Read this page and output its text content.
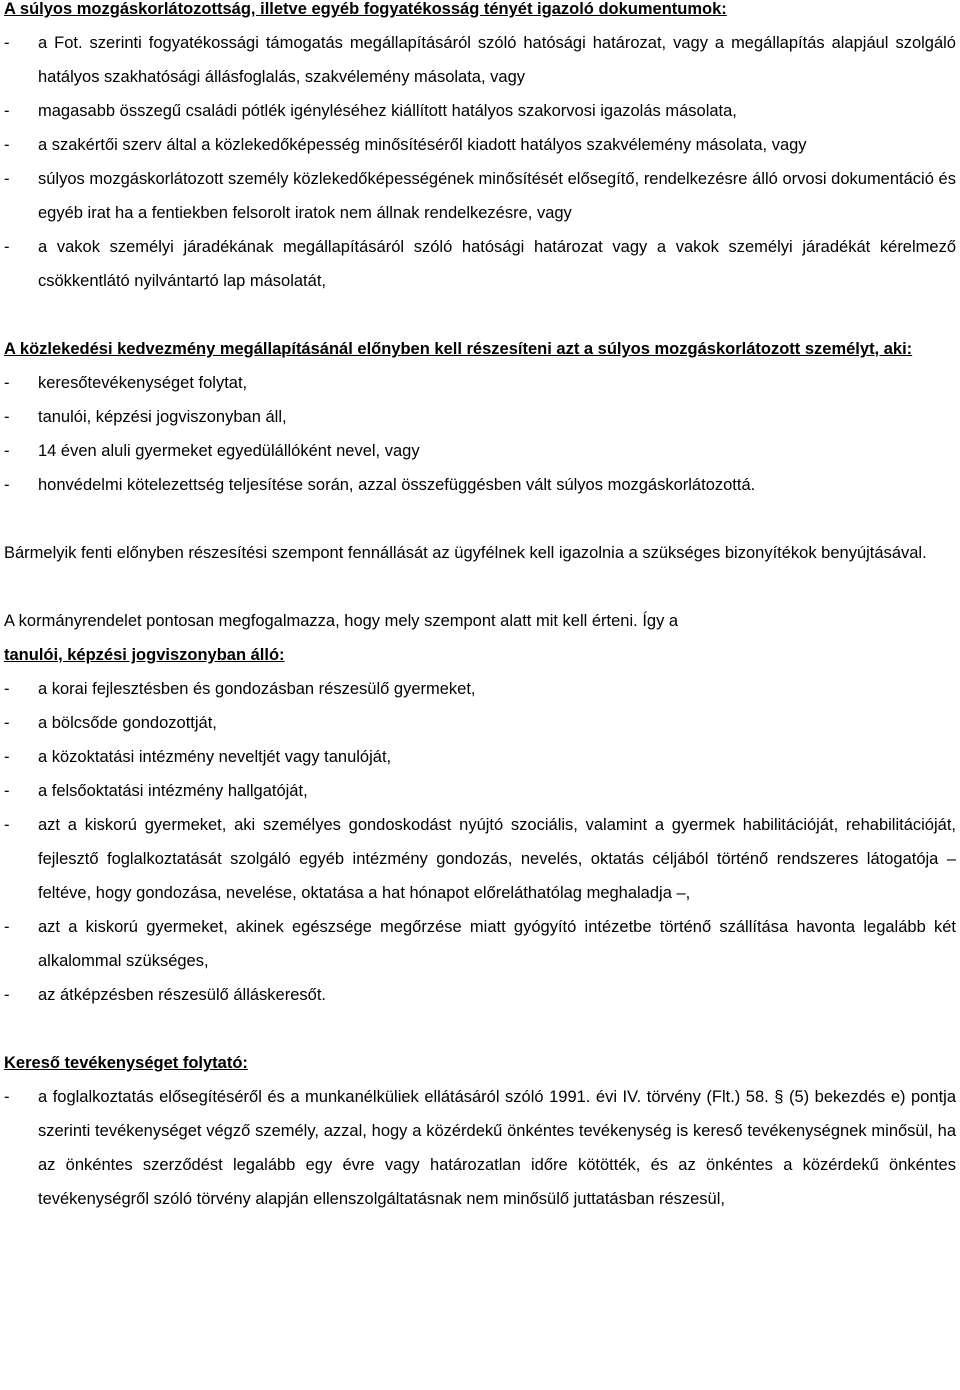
A súlyos mozgáskorlátozottság, illetve egyéb fogyatékosság tényét igazoló dokumentumok:

- a Fot. szerinti fogyatékossági támogatás megállapításáról szóló hatósági határozat, vagy a megállapítás alapjául szolgáló hatályos szakhatósági állásfoglalás, szakvélemény másolata, vagy
- magasabb összegű családi pótlék igényléséhez kiállított hatályos szakorvosi igazolás másolata,
- a szakértői szerv által a közlekedőképesség minősítéséről kiadott hatályos szakvélemény másolata, vagy
- súlyos mozgáskorlátozott személy közlekedőképességének minősítését elősegítő, rendelkezésre álló orvosi dokumentáció és egyéb irat ha a fentiekben felsorolt iratok nem állnak rendelkezésre, vagy
- a vakok személyi járadékának megállapításáról szóló hatósági határozat vagy a vakok személyi járadékát kérelmező csökkentlátó nyilvántartó lap másolatát,

A közlekedési kedvezmény megállapításánál előnyben kell részesíteni azt a súlyos mozgáskorlátozott személyt, aki:

- keresőtevékenységet folytat,
- tanulói, képzési jogviszonyban áll,
- 14 éven aluli gyermeket egyedülállóként nevel, vagy
- honvédelmi kötelezettség teljesítése során, azzal összefüggésben vált súlyos mozgáskorlátozottá.

Bármelyik fenti előnyben részesítési szempont fennállását az ügyfélnek kell igazolnia a szükséges bizonyítékok benyújtásával.

A kormányrendelet pontosan megfogalmazza, hogy mely szempont alatt mit kell érteni. Így a

tanulói, képzési jogviszonyban álló:

- a korai fejlesztésben és gondozásban részesülő gyermeket,
- a bölcsőde gondozottját,
- a közoktatási intézmény neveltjét vagy tanulóját,
- a felsőoktatási intézmény hallgatóját,
- azt a kiskorú gyermeket, aki személyes gondoskodást nyújtó szociális, valamint a gyermek habilitációját, rehabilitációját, fejlesztő foglalkoztatását szolgáló egyéb intézmény gondozás, nevelés, oktatás céljából történő rendszeres látogatója – feltéve, hogy gondozása, nevelése, oktatása a hat hónapot előreláthatólag meghaladja –,
- azt a kiskorú gyermeket, akinek egészsége megőrzése miatt gyógyító intézetbe történő szállítása havonta legalább két alkalommal szükséges,
- az átképzésben részesülő álláskeresőt.

Kereső tevékenységet folytató:

- a foglalkoztatás elősegítéséről és a munkanélküliek ellátásáról szóló 1991. évi IV. törvény (Flt.) 58. § (5) bekezdés e) pontja szerinti tevékenységet végző személy, azzal, hogy a közérdekű önkéntes tevékenység is kereső tevékenységnek minősül, ha az önkéntes szerződést legalább egy évre vagy határozatlan időre kötötték, és az önkéntes a közérdekű önkéntes tevékenységről szóló törvény alapján ellenszolgáltatásnak nem minősülő juttatásban részesül,
